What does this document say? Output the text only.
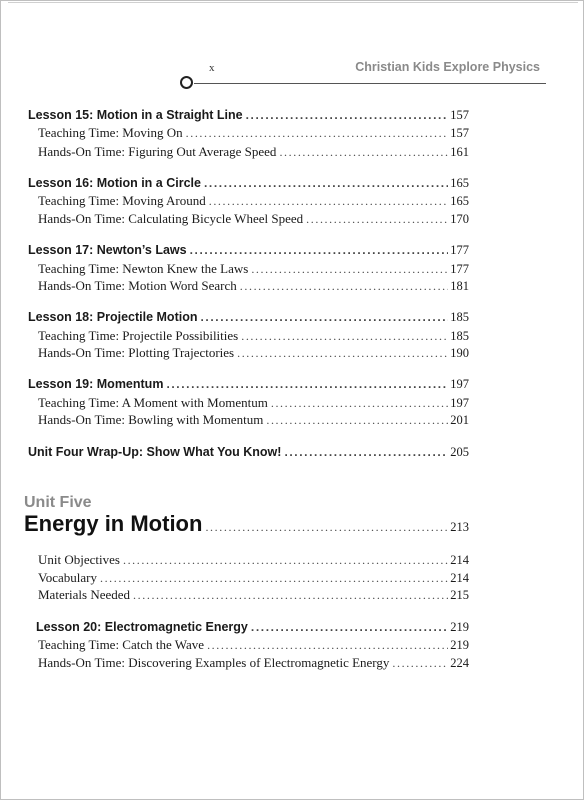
x	Christian Kids Explore Physics
Lesson 15: Motion in a Straight Line .....	157
Teaching Time: Moving On .....	157
Hands-On Time: Figuring Out Average Speed .....	161
Lesson 16: Motion in a Circle .....	165
Teaching Time: Moving Around .....	165
Hands-On Time: Calculating Bicycle Wheel Speed .....	170
Lesson 17: Newton’s Laws .....	177
Teaching Time: Newton Knew the Laws .....	177
Hands-On Time: Motion Word Search .....	181
Lesson 18: Projectile Motion .....	185
Teaching Time: Projectile Possibilities .....	185
Hands-On Time: Plotting Trajectories .....	190
Lesson 19: Momentum .....	197
Teaching Time: A Moment with Momentum .....	197
Hands-On Time: Bowling with Momentum .....	201
Unit Four Wrap-Up: Show What You Know! .....	205
Unit Five
Energy in Motion .....	213
Unit Objectives .....	214
Vocabulary .....	214
Materials Needed .....	215
Lesson 20: Electromagnetic Energy .....	219
Teaching Time: Catch the Wave .....	219
Hands-On Time: Discovering Examples of Electromagnetic Energy .....	224
